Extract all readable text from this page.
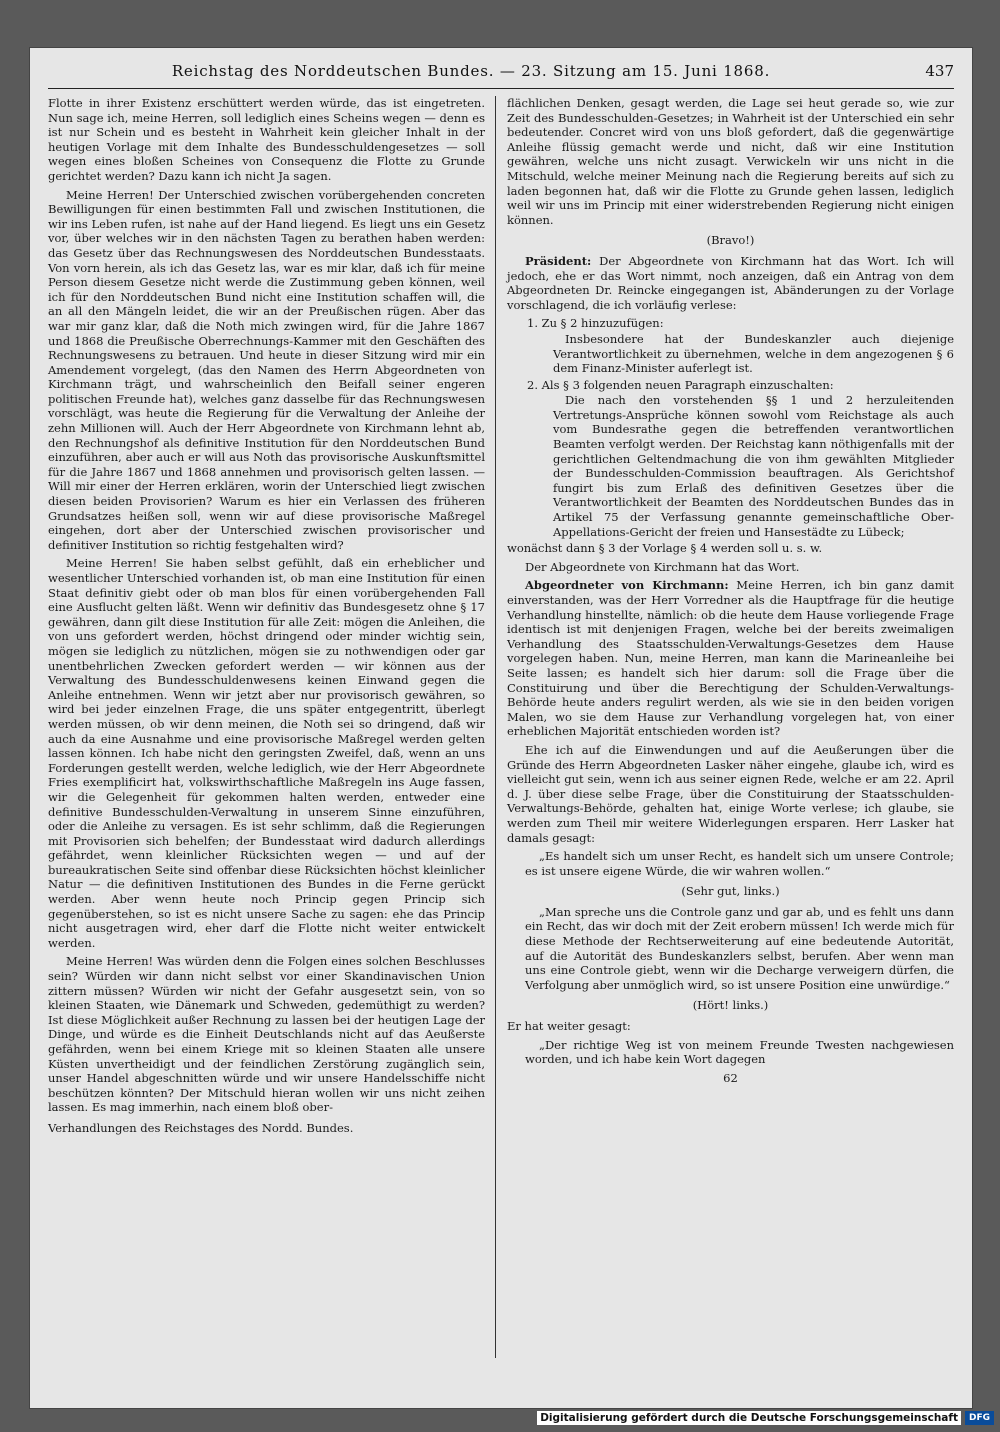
Reichstag des Norddeutschen Bundes. — 23. Sitzung am 15. Juni 1868.	437

Flotte in ihrer Existenz erschüttert werden würde, das ist eingetreten. Nun sage ich, meine Herren, soll lediglich eines Scheins wegen — denn es ist nur Schein und es besteht in Wahrheit kein gleicher Inhalt in der heutigen Vorlage mit dem Inhalte des Bundesschuldengesetzes — soll wegen eines bloßen Scheines von Consequenz die Flotte zu Grunde gerichtet werden? Dazu kann ich nicht Ja sagen.

Meine Herren! Der Unterschied zwischen vorübergehenden concreten Bewilligungen für einen bestimmten Fall und zwischen Institutionen, die wir ins Leben rufen, ist nahe auf der Hand liegend. Es liegt uns ein Gesetz vor, über welches wir in den nächsten Tagen zu berathen haben werden: das Gesetz über das Rechnungswesen des Norddeutschen Bundesstaats. Von vorn herein, als ich das Gesetz las, war es mir klar, daß ich für meine Person diesem Gesetze nicht werde die Zustimmung geben können, weil ich für den Norddeutschen Bund nicht eine Institution schaffen will, die an all den Mängeln leidet, die wir an der Preußischen rügen. Aber das war mir ganz klar, daß die Noth mich zwingen wird, für die Jahre 1867 und 1868 die Preußische Oberrechnungs-Kammer mit den Geschäften des Rechnungswesens zu betrauen. Und heute in dieser Sitzung wird mir ein Amendement vorgelegt, (das den Namen des Herrn Abgeordneten von Kirchmann trägt, und wahrscheinlich den Beifall seiner engeren politischen Freunde hat), welches ganz dasselbe für das Rechnungswesen vorschlägt, was heute die Regierung für die Verwaltung der Anleihe der zehn Millionen will. Auch der Herr Abgeordnete von Kirchmann lehnt ab, den Rechnungshof als definitive Institution für den Norddeutschen Bund einzuführen, aber auch er will aus Noth das provisorische Auskunftsmittel für die Jahre 1867 und 1868 annehmen und provisorisch gelten lassen. — Will mir einer der Herren erklären, worin der Unterschied liegt zwischen diesen beiden Provisorien? Warum es hier ein Verlassen des früheren Grundsatzes heißen soll, wenn wir auf diese provisorische Maßregel eingehen, dort aber der Unterschied zwischen provisorischer und definitiver Institution so richtig festgehalten wird?

Meine Herren! Sie haben selbst gefühlt, daß ein erheblicher und wesentlicher Unterschied vorhanden ist, ob man eine Institution für einen Staat definitiv giebt oder ob man blos für einen vorübergehenden Fall eine Ausflucht gelten läßt. Wenn wir definitiv das Bundesgesetz ohne § 17 gewähren, dann gilt diese Institution für alle Zeit: mögen die Anleihen, die von uns gefordert werden, höchst dringend oder minder wichtig sein, mögen sie lediglich zu nützlichen, mögen sie zu nothwendigen oder gar unentbehrlichen Zwecken gefordert werden — wir können aus der Verwaltung des Bundesschuldenwesens keinen Einwand gegen die Anleihe entnehmen. Wenn wir jetzt aber nur provisorisch gewähren, so wird bei jeder einzelnen Frage, die uns später entgegentritt, überlegt werden müssen, ob wir denn meinen, die Noth sei so dringend, daß wir auch da eine Ausnahme und eine provisorische Maßregel werden gelten lassen können. Ich habe nicht den geringsten Zweifel, daß, wenn an uns Forderungen gestellt werden, welche lediglich, wie der Herr Abgeordnete Fries exemplificirt hat, volkswirthschaftliche Maßregeln ins Auge fassen, wir die Gelegenheit für gekommen halten werden, entweder eine definitive Bundesschulden-Verwaltung in unserem Sinne einzuführen, oder die Anleihe zu versagen. Es ist sehr schlimm, daß die Regierungen mit Provisorien sich behelfen; der Bundesstaat wird dadurch allerdings gefährdet, wenn kleinlicher Rücksichten wegen — und auf der bureaukratischen Seite sind offenbar diese Rücksichten höchst kleinlicher Natur — die definitiven Institutionen des Bundes in die Ferne gerückt werden. Aber wenn heute noch Princip gegen Princip sich gegenüberstehen, so ist es nicht unsere Sache zu sagen: ehe das Princip nicht ausgetragen wird, eher darf die Flotte nicht weiter entwickelt werden.

Meine Herren! Was würden denn die Folgen eines solchen Beschlusses sein? Würden wir dann nicht selbst vor einer Skandinavischen Union zittern müssen? Würden wir nicht der Gefahr ausgesetzt sein, von so kleinen Staaten, wie Dänemark und Schweden, gedemüthigt zu werden? Ist diese Möglichkeit außer Rechnung zu lassen bei der heutigen Lage der Dinge, und würde es die Einheit Deutschlands nicht auf das Aeußerste gefährden, wenn bei einem Kriege mit so kleinen Staaten alle unsere Küsten unvertheidigt und der feindlichen Zerstörung zugänglich sein, unser Handel abgeschnitten würde und wir unsere Handelsschiffe nicht beschützen könnten? Der Mitschuld hieran wollen wir uns nicht zeihen lassen. Es mag immerhin, nach einem bloß ober-

Verhandlungen des Reichstages des Nordd. Bundes.

flächlichen Denken, gesagt werden, die Lage sei heut gerade so, wie zur Zeit des Bundesschulden-Gesetzes; in Wahrheit ist der Unterschied ein sehr bedeutender. Concret wird von uns bloß gefordert, daß die gegenwärtige Anleihe flüssig gemacht werde und nicht, daß wir eine Institution gewähren, welche uns nicht zusagt. Verwickeln wir uns nicht in die Mitschuld, welche meiner Meinung nach die Regierung bereits auf sich zu laden begonnen hat, daß wir die Flotte zu Grunde gehen lassen, lediglich weil wir uns im Princip mit einer widerstrebenden Regierung nicht einigen können.

(Bravo!)

Präsident: Der Abgeordnete von Kirchmann hat das Wort. Ich will jedoch, ehe er das Wort nimmt, noch anzeigen, daß ein Antrag von dem Abgeordneten Dr. Reincke eingegangen ist, Abänderungen zu der Vorlage vorschlagend, die ich vorläufig verlese:

1. Zu § 2 hinzuzufügen:

Insbesondere hat der Bundeskanzler auch diejenige Verantwortlichkeit zu übernehmen, welche in dem angezogenen § 6 dem Finanz-Minister auferlegt ist.

2. Als § 3 folgenden neuen Paragraph einzuschalten:

Die nach den vorstehenden §§ 1 und 2 herzuleitenden Vertretungs-Ansprüche können sowohl vom Reichstage als auch vom Bundesrathe gegen die betreffenden verantwortlichen Beamten verfolgt werden. Der Reichstag kann nöthigenfalls mit der gerichtlichen Geltendmachung die von ihm gewählten Mitglieder der Bundesschulden-Commission beauftragen. Als Gerichtshof fungirt bis zum Erlaß des definitiven Gesetzes über die Verantwortlichkeit der Beamten des Norddeutschen Bundes das in Artikel 75 der Verfassung genannte gemeinschaftliche Ober-Appellations-Gericht der freien und Hansestädte zu Lübeck;

wonächst dann § 3 der Vorlage § 4 werden soll u. s. w.

Der Abgeordnete von Kirchmann hat das Wort.

Abgeordneter von Kirchmann: Meine Herren, ich bin ganz damit einverstanden, was der Herr Vorredner als die Hauptfrage für die heutige Verhandlung hinstellte, nämlich: ob die heute dem Hause vorliegende Frage identisch ist mit denjenigen Fragen, welche bei der bereits zweimaligen Verhandlung des Staatsschulden-Verwaltungs-Gesetzes dem Hause vorgelegen haben. Nun, meine Herren, man kann die Marineanleihe bei Seite lassen; es handelt sich hier darum: soll die Frage über die Constituirung und über die Berechtigung der Schulden-Verwaltungs-Behörde heute anders regulirt werden, als wie sie in den beiden vorigen Malen, wo sie dem Hause zur Verhandlung vorgelegen hat, von einer erheblichen Majorität entschieden worden ist?

Ehe ich auf die Einwendungen und auf die Aeußerungen über die Gründe des Herrn Abgeordneten Lasker näher eingehe, glaube ich, wird es vielleicht gut sein, wenn ich aus seiner eignen Rede, welche er am 22. April d. J. über diese selbe Frage, über die Constituirung der Staatsschulden-Verwaltungs-Behörde, gehalten hat, einige Worte verlese; ich glaube, sie werden zum Theil mir weitere Widerlegungen ersparen. Herr Lasker hat damals gesagt:

„Es handelt sich um unser Recht, es handelt sich um unsere Controle; es ist unsere eigene Würde, die wir wahren wollen.“

(Sehr gut, links.)

„Man spreche uns die Controle ganz und gar ab, und es fehlt uns dann ein Recht, das wir doch mit der Zeit erobern müssen! Ich werde mich für diese Methode der Rechtserweiterung auf eine bedeutende Autorität, auf die Autorität des Bundeskanzlers selbst, berufen. Aber wenn man uns eine Controle giebt, wenn wir die Decharge verweigern dürfen, die Verfolgung aber unmöglich wird, so ist unsere Position eine unwürdige.“

(Hört! links.)

Er hat weiter gesagt:

„Der richtige Weg ist von meinem Freunde Twesten nachgewiesen worden, und ich habe kein Wort dagegen

62

Digitalisierung gefördert durch die Deutsche Forschungsgemeinschaft	DFG
